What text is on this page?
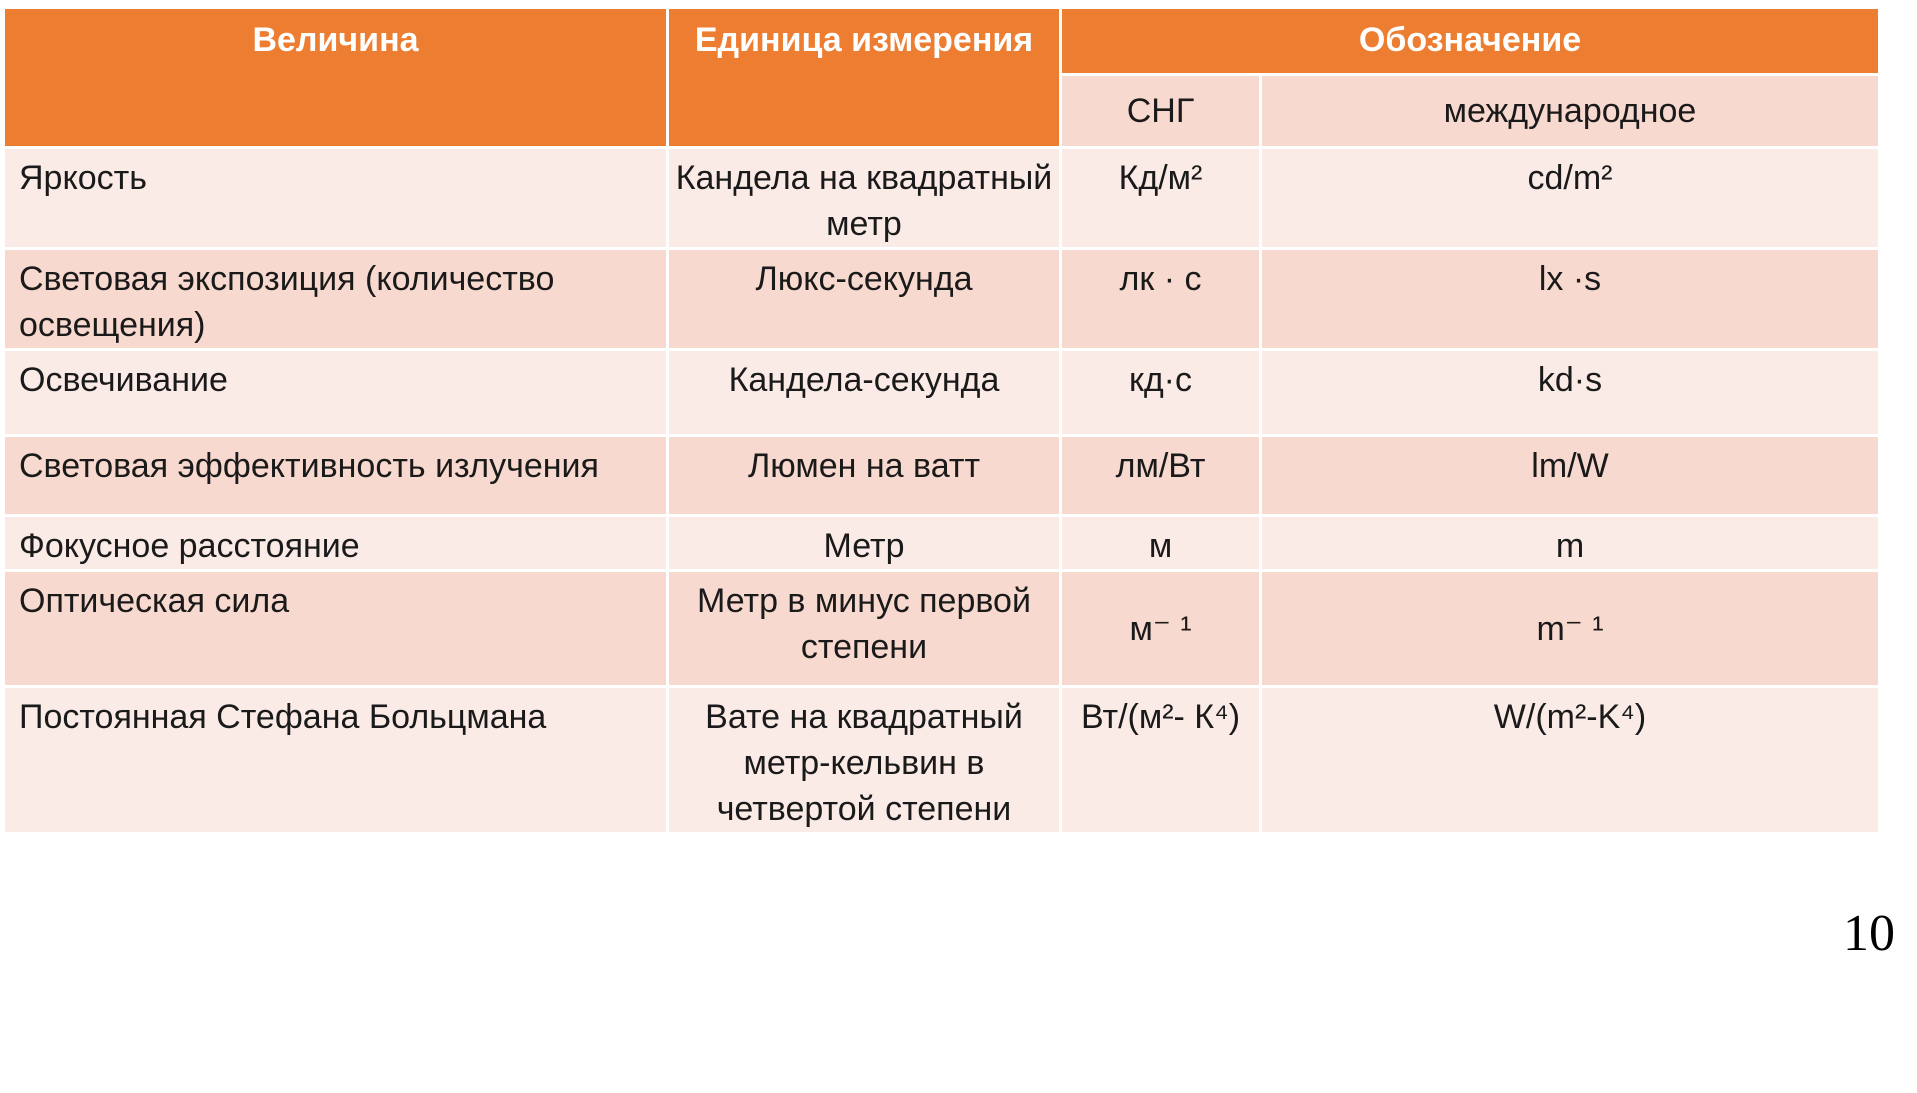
Величина	Единица измерения	Обозначение	
		СНГ	международное
Яркость	Кандела на квадратный метр	Кд/м²	cd/m²
Световая экспозиция (количество освещения)	Люкс-секунда	лк · с	lx ·s
Освечивание	Кандела-секунда	кд·с	kd·s
Световая эффективность излучения	Люмен на ватт	лм/Вт	lm/W
Фокусное расстояние	Метр	м	m
Оптическая сила	Метр в минус первой степени	м⁻ ¹	m⁻ ¹
Постоянная Стефана Больцмана	Вате на квадратный метр-кельвин в четвертой степени	Вт/(м²- К⁴)	W/(m²-K⁴)
10
